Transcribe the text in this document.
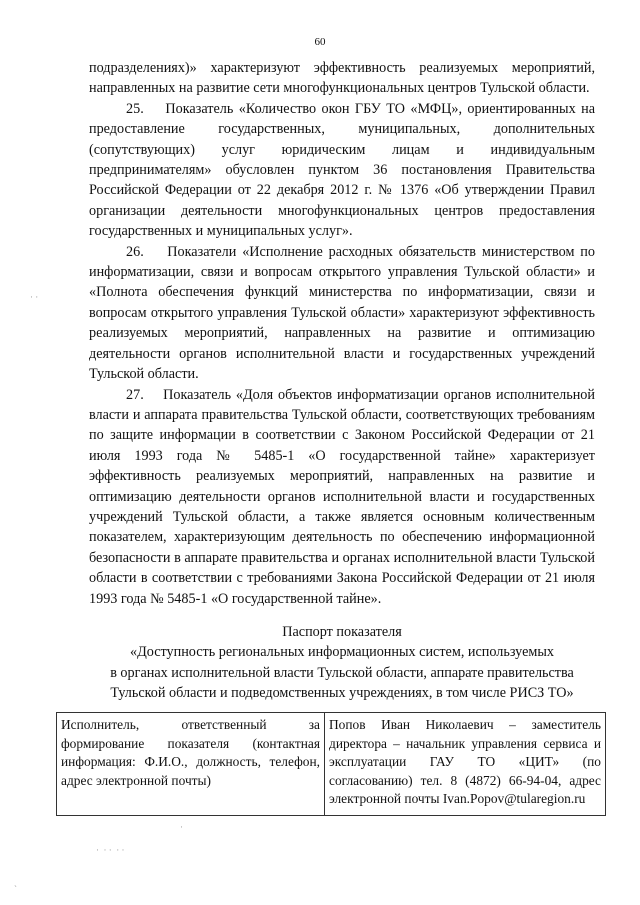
60

подразделениях)» характеризуют эффективность реализуемых мероприятий, направленных на развитие сети многофункциональных центров Тульской области.

25.    Показатель «Количество окон ГБУ ТО «МФЦ», ориентированных на предоставление государственных, муниципальных, дополнительных (сопутствующих) услуг юридическим лицам и индивидуальным предпринимателям» обусловлен пунктом 36 постановления Правительства Российской Федерации от 22 декабря 2012 г. № 1376 «Об утверждении Правил организации деятельности многофункциональных центров предоставления государственных и муниципальных услуг».

26.    Показатели «Исполнение расходных обязательств министерством по информатизации, связи и вопросам открытого управления Тульской области» и «Полнота обеспечения функций министерства по информатизации, связи и вопросам открытого управления Тульской области» характеризуют эффективность реализуемых мероприятий, направленных на развитие и оптимизацию деятельности органов исполнительной власти и государственных учреждений Тульской области.

27.    Показатель «Доля объектов информатизации органов исполнительной власти и аппарата правительства Тульской области, соответствующих требованиям по защите информации в соответствии с Законом Российской Федерации от 21 июля 1993 года № 5485-1 «О государственной тайне» характеризует эффективность реализуемых мероприятий, направленных на развитие и оптимизацию деятельности органов исполнительной власти и государственных учреждений Тульской области, а также является основным количественным показателем, характеризующим деятельность по обеспечению информационной безопасности в аппарате правительства и органах исполнительной власти Тульской области в соответствии с требованиями Закона Российской Федерации от 21 июля 1993 года № 5485-1 «О государственной тайне».

Паспорт показателя
«Доступность региональных информационных систем, используемых
в органах исполнительной власти Тульской области, аппарате правительства
Тульской области и подведомственных учреждениях, в том числе РИСЗ ТО»
Исполнитель, ответственный за формирование показателя (контактная информация: Ф.И.О., должность, телефон, адрес электронной почты)	Попов Иван Николаевич – заместитель директора – начальник управления сервиса и эксплуатации ГАУ ТО «ЦИТ» (по согласованию) тел. 8 (4872) 66-94-04, адрес электронной почты Ivan.Popov@tularegion.ru
· ·
·
·  · ·  · ·
ˋ
